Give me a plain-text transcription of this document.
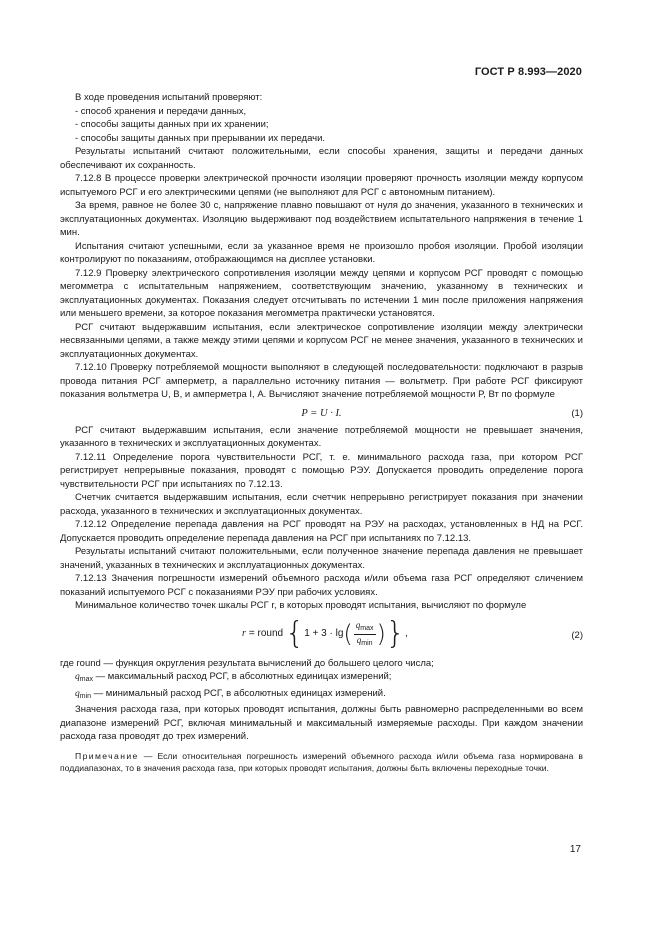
ГОСТ Р 8.993—2020

В ходе проведения испытаний проверяют:

- способ хранения и передачи данных,

- способы защиты данных при их хранении;

- способы защиты данных при прерывании их передачи.

Результаты испытаний считают положительными, если способы хранения, защиты и передачи данных обеспечивают их сохранность.

7.12.8 В процессе проверки электрической прочности изоляции проверяют прочность изоляции между корпусом испытуемого РСГ и его электрическими цепями (не выполняют для РСГ с автономным питанием).

За время, равное не более 30 с, напряжение плавно повышают от нуля до значения, указанного в технических и эксплуатационных документах. Изоляцию выдерживают под воздействием испытательного напряжения в течение 1 мин.

Испытания считают успешными, если за указанное время не произошло пробоя изоляции. Пробой изоляции контролируют по показаниям, отображающимся на дисплее установки.

7.12.9 Проверку электрического сопротивления изоляции между цепями и корпусом РСГ проводят с помощью мегомметра с испытательным напряжением, соответствующим значению, указанному в технических и эксплуатационных документах. Показания следует отсчитывать по истечении 1 мин после приложения напряжения или меньшего времени, за которое показания мегомметра практически установятся.

РСГ считают выдержавшим испытания, если электрическое сопротивление изоляции между электрически несвязанными цепями, а также между этими цепями и корпусом РСГ не менее значения, указанного в технических и эксплуатационных документах.

7.12.10 Проверку потребляемой мощности выполняют в следующей последовательности: подключают в разрыв провода питания РСГ амперметр, а параллельно источнику питания — вольтметр. При работе РСГ фиксируют показания вольтметра U, В, и амперметра I, А. Вычисляют значение потребляемой мощности P, Вт по формуле

P = U · I.	(1)

РСГ считают выдержавшим испытания, если значение потребляемой мощности не превышает значения, указанного в технических и эксплуатационных документах.

7.12.11 Определение порога чувствительности РСГ, т. е. минимального расхода газа, при котором РСГ регистрирует непрерывные показания, проводят с помощью РЭУ. Допускается проводить определение порога чувствительности РСГ при испытаниях по 7.12.13.

Счетчик считается выдержавшим испытания, если счетчик непрерывно регистрирует показания при значении расхода, указанного в технических и эксплуатационных документах.

7.12.12 Определение перепада давления на РСГ проводят на РЭУ на расходах, установленных в НД на РСГ. Допускается проводить определение перепада давления на РСГ при испытаниях по 7.12.13.

Результаты испытаний считают положительными, если полученное значение перепада давления не превышает значений, указанных в технических и эксплуатационных документах.

7.12.13 Значения погрешности измерений объемного расхода и/или объема газа РСГ определяют сличением показаний испытуемого РСГ с показаниями РЭУ при рабочих условиях.

Минимальное количество точек шкалы РСГ r, в которых проводят испытания, вычисляют по формуле

r = round { 1 + 3 · lg ( $\frac{q_{max}}{q_{min}}$ ) } ,	(2)

где round — функция округления результата вычислений до большего целого числа;

$q_{max}$ — максимальный расход РСГ, в абсолютных единицах измерений;

$q_{min}$ — минимальный расход РСГ, в абсолютных единицах измерений.

Значения расхода газа, при которых проводят испытания, должны быть равномерно распределенными во всем диапазоне измерений РСГ, включая минимальный и максимальный измеряемые расходы. При каждом значении расхода газа проводят до трех измерений.

Примечание — Если относительная погрешность измерений объемного расхода и/или объема газа нормирована в поддиапазонах, то в значения расхода газа, при которых проводят испытания, должны быть включены переходные точки.

17
